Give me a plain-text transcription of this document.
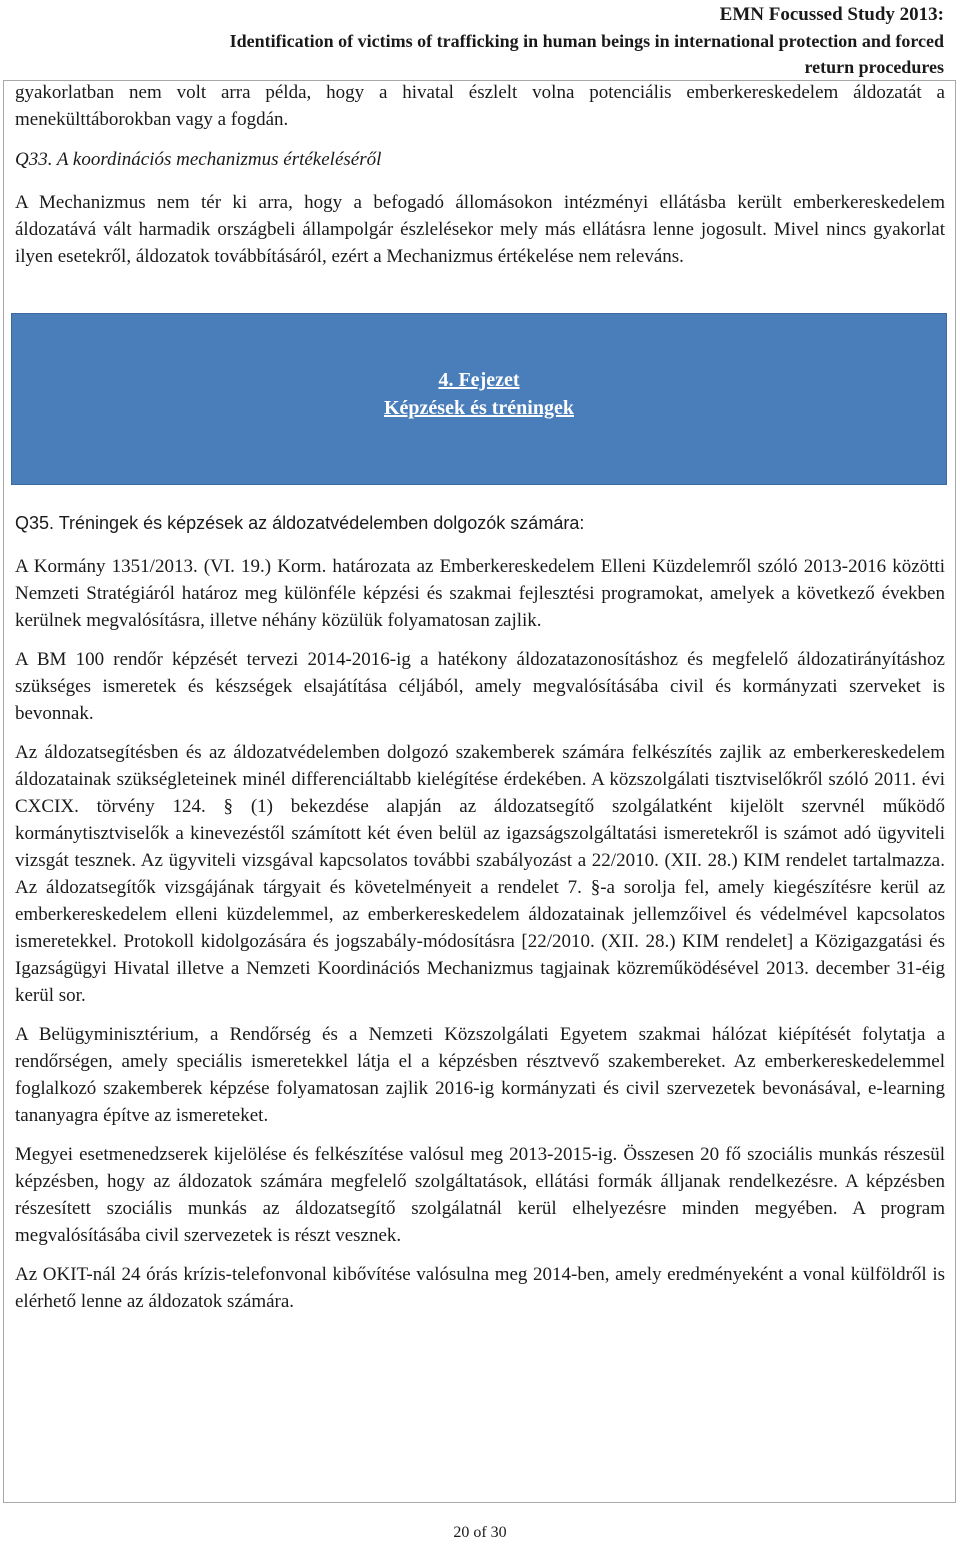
EMN Focussed Study 2013:
Identification of victims of trafficking in human beings in international protection and forced
return procedures

gyakorlatban nem volt arra példa, hogy a hivatal észlelt volna potenciális emberkereskedelem áldozatát a menekülttáborokban vagy a fogdán.

Q33. A koordinációs mechanizmus értékeléséről

A Mechanizmus nem tér ki arra, hogy a befogadó állomásokon intézményi ellátásba került emberkereskedelem áldozatává vált harmadik országbeli állampolgár észlelésekor mely más ellátásra lenne jogosult. Mivel nincs gyakorlat ilyen esetekről, áldozatok továbbításáról, ezért a Mechanizmus értékelése nem releváns.

4. Fejezet
Képzések és tréningek
Q35. Tréningek és képzések az áldozatvédelemben dolgozók számára:

A Kormány 1351/2013. (VI. 19.) Korm. határozata az Emberkereskedelem Elleni Küzdelemről szóló 2013-2016 közötti Nemzeti Stratégiáról határoz meg különféle képzési és szakmai fejlesztési programokat, amelyek a következő években kerülnek megvalósításra, illetve néhány közülük folyamatosan zajlik.

A BM 100 rendőr képzését tervezi 2014-2016-ig a hatékony áldozatazonosításhoz és megfelelő áldozatirányításhoz szükséges ismeretek és készségek elsajátítása céljából, amely megvalósításába civil és kormányzati szerveket is bevonnak.

Az áldozatsegítésben és az áldozatvédelemben dolgozó szakemberek számára felkészítés zajlik az emberkereskedelem áldozatainak szükségleteinek minél differenciáltabb kielégítése érdekében. A közszolgálati tisztviselőkről szóló 2011. évi CXCIX. törvény 124. § (1) bekezdése alapján az áldozatsegítő szolgálatként kijelölt szervnél működő kormánytisztviselők a kinevezéstől számított két éven belül az igazságszolgáltatási ismeretekről is számot adó ügyviteli vizsgát tesznek. Az ügyviteli vizsgával kapcsolatos további szabályozást a 22/2010. (XII. 28.) KIM rendelet tartalmazza. Az áldozatsegítők vizsgájának tárgyait és követelményeit a rendelet 7. §-a sorolja fel, amely kiegészítésre kerül az emberkereskedelem elleni küzdelemmel, az emberkereskedelem áldozatainak jellemzőivel és védelmével kapcsolatos ismeretekkel. Protokoll kidolgozására és jogszabály-módosításra [22/2010. (XII. 28.) KIM rendelet] a Közigazgatási és Igazságügyi Hivatal illetve a Nemzeti Koordinációs Mechanizmus tagjainak közreműködésével 2013. december 31-éig kerül sor.

A Belügyminisztérium, a Rendőrség és a Nemzeti Közszolgálati Egyetem szakmai hálózat kiépítését folytatja a rendőrségen, amely speciális ismeretekkel látja el a képzésben résztvevő szakembereket. Az emberkereskedelemmel foglalkozó szakemberek képzése folyamatosan zajlik 2016-ig kormányzati és civil szervezetek bevonásával, e-learning tananyagra építve az ismereteket.

Megyei esetmenedzserek kijelölése és felkészítése valósul meg 2013-2015-ig. Összesen 20 fő szociális munkás részesül képzésben, hogy az áldozatok számára megfelelő szolgáltatások, ellátási formák álljanak rendelkezésre. A képzésben részesített szociális munkás az áldozatsegítő szolgálatnál kerül elhelyezésre minden megyében. A program megvalósításába civil szervezetek is részt vesznek.

Az OKIT-nál 24 órás krízis-telefonvonal kibővítése valósulna meg 2014-ben, amely eredményeként a vonal külföldről is elérhető lenne az áldozatok számára.

20 of 30
